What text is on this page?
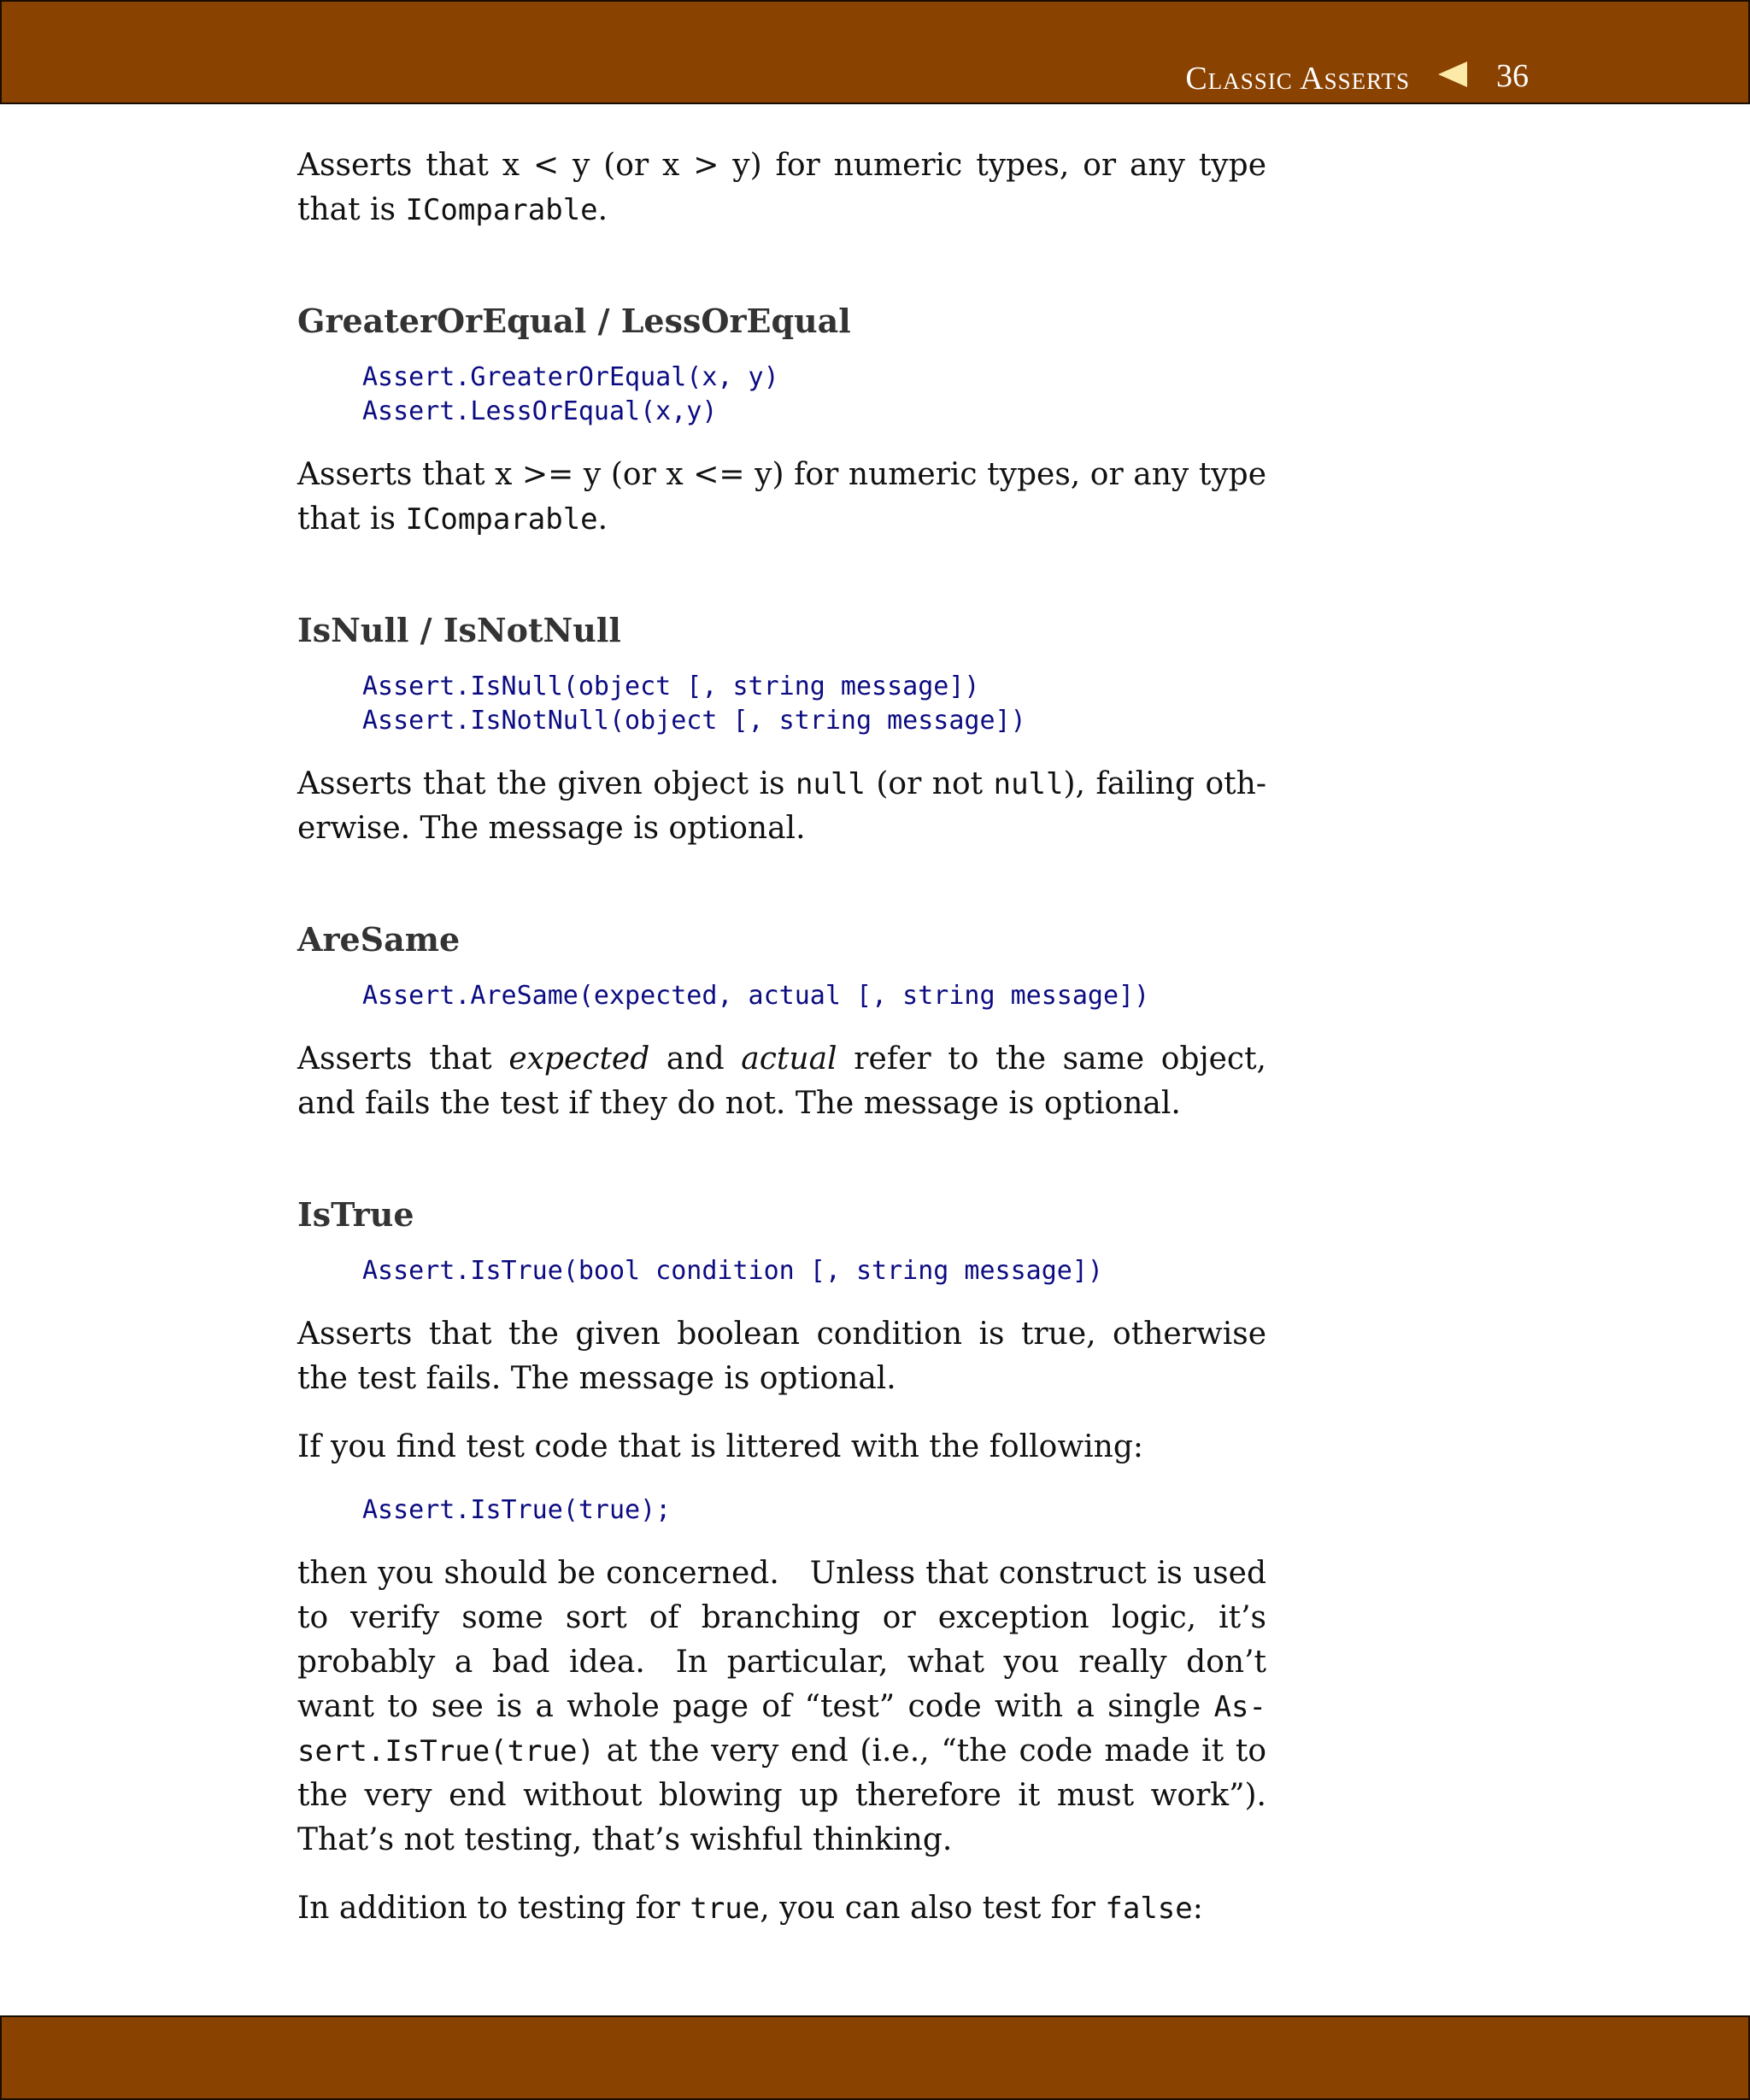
Classic Asserts	36

Asserts that x < y (or x > y) for numeric types, or any type that is IComparable.

GreaterOrEqual / LessOrEqual
Assert.GreaterOrEqual(x, y)
Assert.LessOrEqual(x,y)

Asserts that x >= y (or x <= y) for numeric types, or any type that is IComparable.

IsNull / IsNotNull
Assert.IsNull(object [, string message])
Assert.IsNotNull(object [, string message])

Asserts that the given object is null (or not null), failing otherwise. The message is optional.

AreSame
Assert.AreSame(expected, actual [, string message])

Asserts that expected and actual refer to the same object, and fails the test if they do not. The message is optional.

IsTrue
Assert.IsTrue(bool condition [, string message])

Asserts that the given boolean condition is true, otherwise the test fails. The message is optional.

If you find test code that is littered with the following:

Assert.IsTrue(true);

then you should be concerned. Unless that construct is used to verify some sort of branching or exception logic, it’s probably a bad idea. In particular, what you really don’t want to see is a whole page of “test” code with a single Assert.IsTrue(true) at the very end (i.e., “the code made it to the very end without blowing up therefore it must work”). That’s not testing, that’s wishful thinking.

In addition to testing for true, you can also test for false:
